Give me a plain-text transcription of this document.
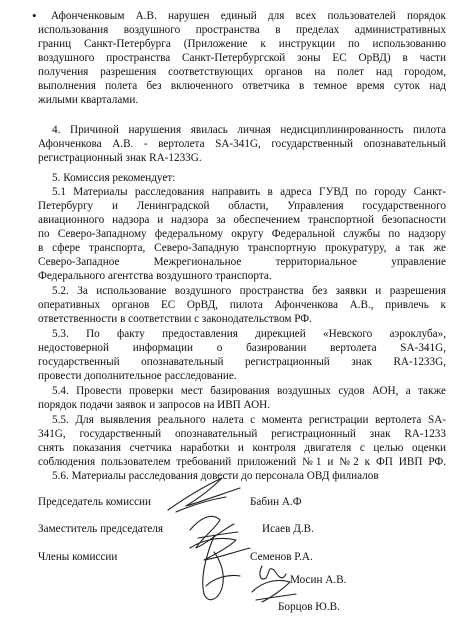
• Афонченковым А.В. нарушен единый для всех пользователей порядок
использования воздушного пространства в пределах административных
границ Санкт-Петербурга (Приложение к инструкции по использованию
воздушного пространства Санкт-Петербургской зоны ЕС ОрВД) в части
получения разрешения соответствующих органов на полет над городом,
выполнения полета без включенного ответчика в темное время суток над
жилыми кварталами.
4. Причиной нарушения явилась личная недисциплинированность пилота
Афонченкова А.В. - вертолета SA-341G, государственный опознавательный
регистрационный знак RA-1233G.
5. Комиссия рекомендует:
5.1 Материалы расследования направить в адреса ГУВД по городу Санкт-
Петербургу и Ленинградской области, Управления государственного
авиационного надзора и надзора за обеспечением транспортной безопасности
по Северо-Западному федеральному округу Федеральной службы по надзору
в сфере транспорта, Северо-Западную транспортную прокуратуру, а так же
Северо-Западное          Межрегиональное          территориальное          управление
Федерального агентства воздушного транспорта.
5.2. За использование воздушного пространства без заявки и разрешения
оперативных органов ЕС ОрВД, пилота Афонченкова А.В., привлечь к
ответственности в соответствии с законодательством РФ.
5.3. По факту предоставления дирекцией «Невского аэроклуба»,
недостоверной информации о базировании вертолета SA-341G,
государственный опознавательный регистрационный знак RA-1233G,
провести дополнительное расследование.
5.4. Провести проверки мест базирования воздушных судов АОН, а также
порядок подачи заявок и запросов на ИВП АОН.
5.5. Для выявления реального налета с момента регистрации вертолета SA-
341G, государственный опознавательный регистрационный знак RA-1233
снять показания счетчика наработки и контроля двигателя с целью оценки
соблюдения пользователем требований приложений №1 и №2 к ФП ИВП РФ.
5.6. Материалы расследования довести до персонала ОВД филиалов
Председатель комиссии	Бабин А.Ф
Заместитель председателя	Исаев Д.В.
Члены комиссии	Семенов Р.А.
Мосин А.В.
Борцов Ю.В.
